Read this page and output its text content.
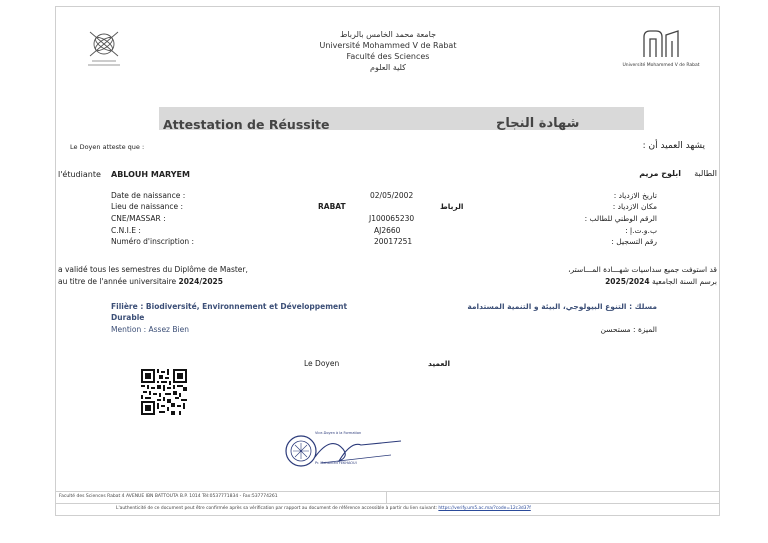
جامعة محمد الخامس بالرباط
Université Mohammed V de Rabat
Faculté des Sciences
كلية العلوم	Université Mohammed V de Rabat
Attestation de Réussite	شهادة النجاح
Le Doyen atteste que :	يشهد العميد أن :
l'étudiante ABLOUH MARYEM	الطالبة
ابلوح مريم
Date de naissance :	02/05/2002	تاريخ الازدياد :
Lieu de naissance :	RABAT	الرباط	مكان الازدياد :
CNE/MASSAR :	J100065230	الرقم الوطني للطالب :
C.N.I.E :	AJ2660	ب.و.ت.إ :
Numéro d'inscription :	20017251	رقم التسجيل :
a validé tous les semestres du Diplôme de Master,
au titre de l'année universitaire 2024/2025
قد استوفت جميع سداسيات شهـــادة المـــاستر،
برسم السنة الجامعية 2025/2024
Filière : Biodiversité, Environnement et Développement
Durable
Mention : Assez Bien
مسلك : التنوع البيولوجي، البيئة و التنمية المستدامة
الميزة : مستحسن
Le Doyen	العميد
Vice-Doyen à la Formation
Pr. Mohamed FEKHAOUI
Faculté des Sciences Rabat 4 AVENUE IBN BATTOUTA B.P. 1014 Tél:0537771834 - Fax:537774261
L'authenticité de ce document peut être confirmée après sa vérification par rapport au document de référence accessible à partir du lien suivant: https://verify.um5.ac.ma/?code=12c3d37f
